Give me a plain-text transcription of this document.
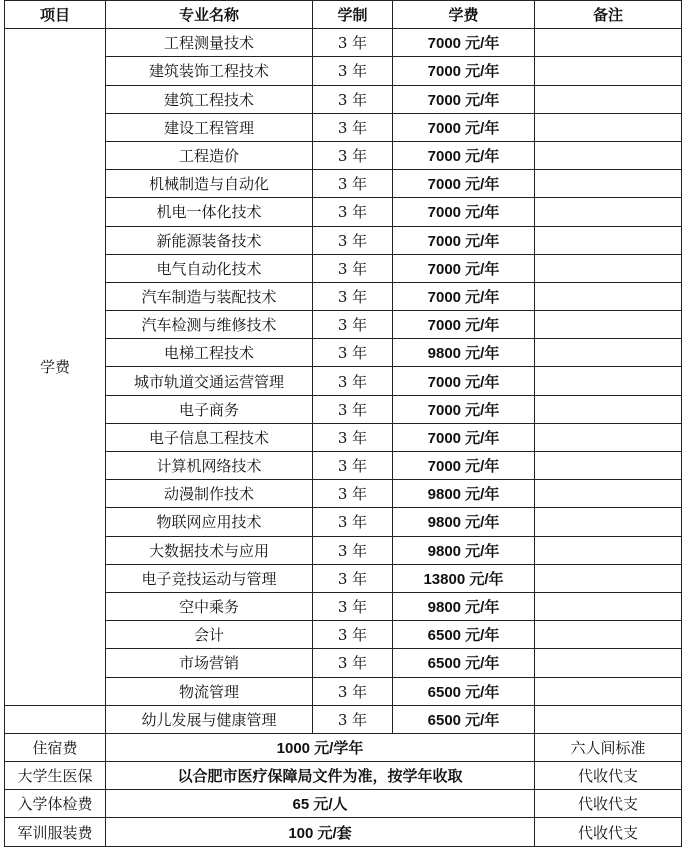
项目	专业名称	学制	学费	备注
学费	工程测量技术	3 年	7000 元/年	
	建筑装饰工程技术	3 年	7000 元/年	
	建筑工程技术	3 年	7000 元/年	
	建设工程管理	3 年	7000 元/年	
	工程造价	3 年	7000 元/年	
	机械制造与自动化	3 年	7000 元/年	
	机电一体化技术	3 年	7000 元/年	
	新能源装备技术	3 年	7000 元/年	
	电气自动化技术	3 年	7000 元/年	
	汽车制造与装配技术	3 年	7000 元/年	
	汽车检测与维修技术	3 年	7000 元/年	
	电梯工程技术	3 年	9800 元/年	
	城市轨道交通运营管理	3 年	7000 元/年	
	电子商务	3 年	7000 元/年	
	电子信息工程技术	3 年	7000 元/年	
	计算机网络技术	3 年	7000 元/年	
	动漫制作技术	3 年	9800 元/年	
	物联网应用技术	3 年	9800 元/年	
	大数据技术与应用	3 年	9800 元/年	
	电子竞技运动与管理	3 年	13800 元/年	
	空中乘务	3 年	9800 元/年	
	会计	3 年	6500 元/年	
	市场营销	3 年	6500 元/年	
	物流管理	3 年	6500 元/年	
	幼儿发展与健康管理	3 年	6500 元/年	
住宿费	1000 元/学年			六人间标准
大学生医保	以合肥市医疗保障局文件为准，按学年收取			代收代支
入学体检费	65 元/人			代收代支
军训服装费	100 元/套			代收代支
